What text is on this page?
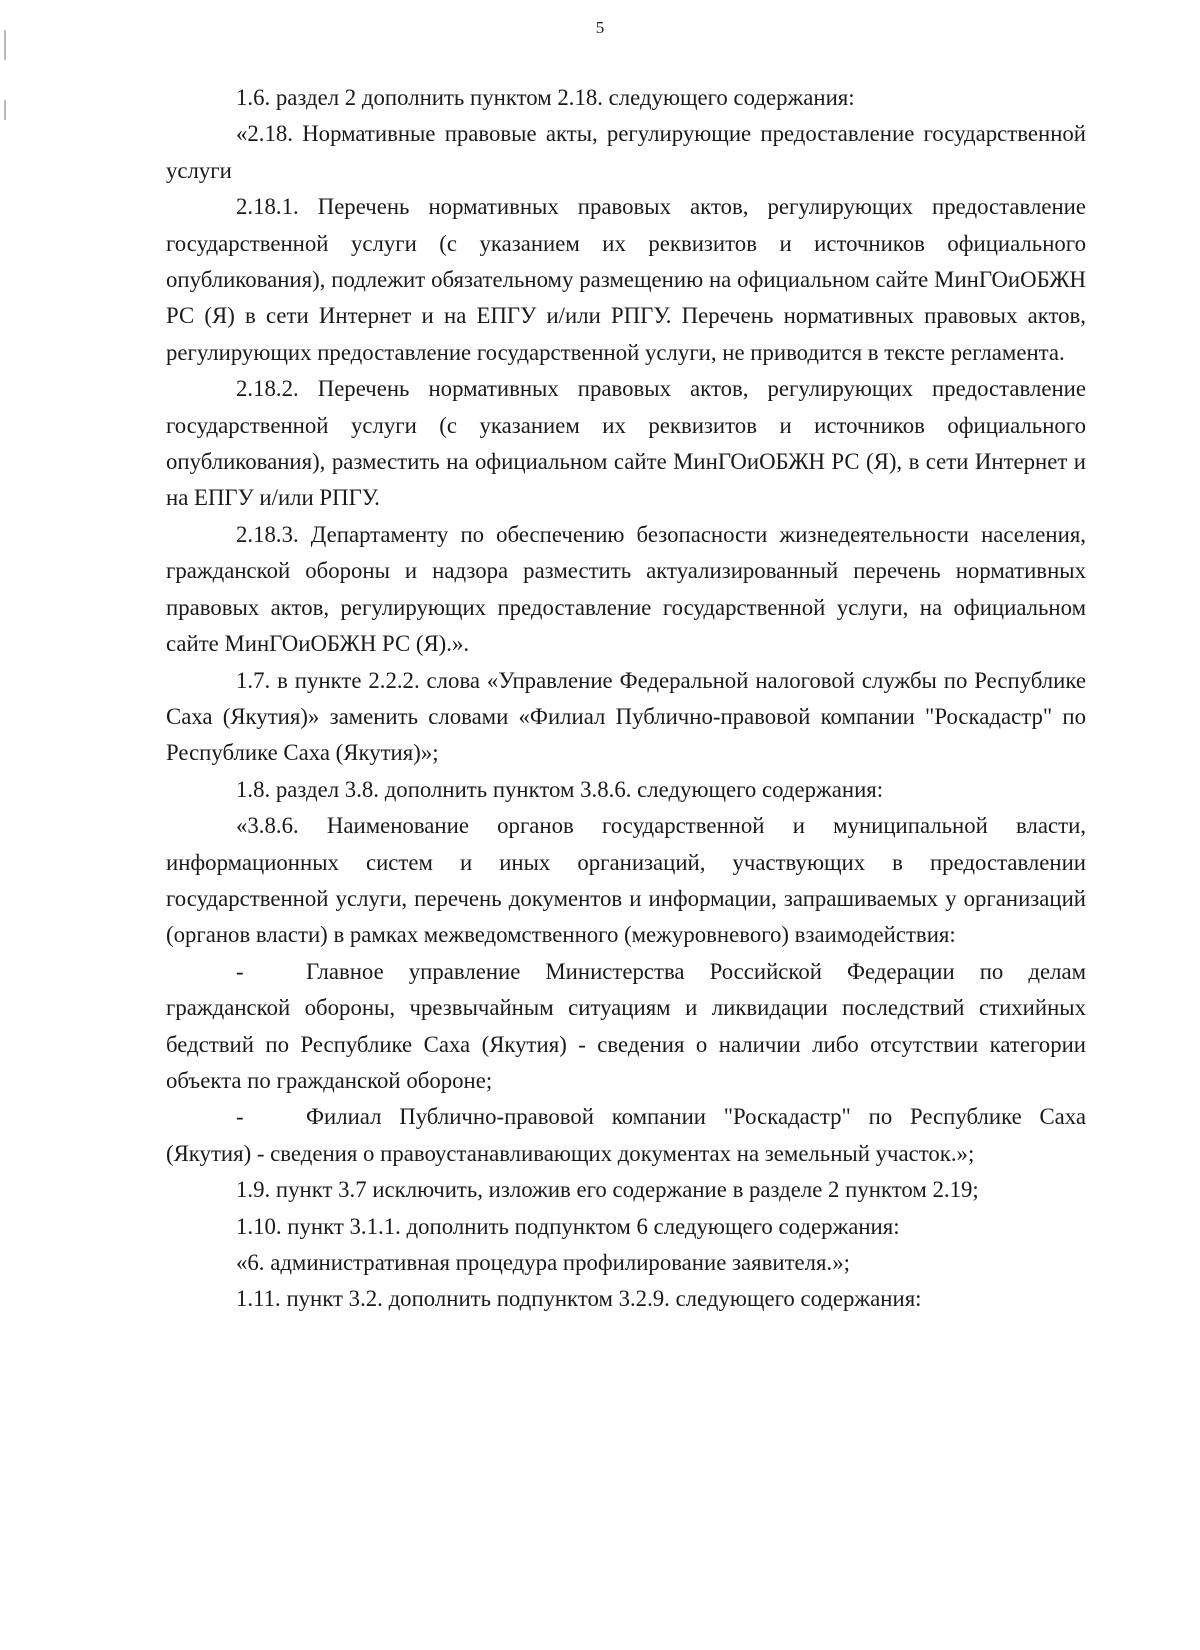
5

1.6. раздел 2 дополнить пунктом 2.18. следующего содержания:

«2.18. Нормативные правовые акты, регулирующие предоставление государственной услуги

2.18.1. Перечень нормативных правовых актов, регулирующих предоставление государственной услуги (с указанием их реквизитов и источников официального опубликования), подлежит обязательному размещению на официальном сайте МинГОиОБЖН РС (Я) в сети Интернет и на ЕПГУ и/или РПГУ. Перечень нормативных правовых актов, регулирующих предоставление государственной услуги, не приводится в тексте регламента.

2.18.2. Перечень нормативных правовых актов, регулирующих предоставление государственной услуги (с указанием их реквизитов и источников официального опубликования), разместить на официальном сайте МинГОиОБЖН РС (Я), в сети Интернет и на ЕПГУ и/или РПГУ.

2.18.3. Департаменту по обеспечению безопасности жизнедеятельности населения, гражданской обороны и надзора разместить актуализированный перечень нормативных правовых актов, регулирующих предоставление государственной услуги, на официальном сайте МинГОиОБЖН РС (Я).».

1.7. в пункте 2.2.2. слова «Управление Федеральной налоговой службы по Республике Саха (Якутия)» заменить словами «Филиал Публично-правовой компании "Роскадастр" по Республике Саха (Якутия)»;

1.8. раздел 3.8. дополнить пунктом 3.8.6. следующего содержания:

«3.8.6. Наименование органов государственной и муниципальной власти, информационных систем и иных организаций, участвующих в предоставлении государственной услуги, перечень документов и информации, запрашиваемых у организаций (органов власти) в рамках межведомственного (межуровневого) взаимодействия:

-	Главное управление Министерства Российской Федерации по делам гражданской обороны, чрезвычайным ситуациям и ликвидации последствий стихийных бедствий по Республике Саха (Якутия) - сведения о наличии либо отсутствии категории объекта по гражданской обороне;

-	Филиал Публично-правовой компании "Роскадастр" по Республике Саха (Якутия) - сведения о правоустанавливающих документах на земельный участок.»;

1.9. пункт 3.7 исключить, изложив его содержание в разделе 2 пунктом 2.19;

1.10. пункт 3.1.1. дополнить подпунктом 6 следующего содержания:

«6. административная процедура профилирование заявителя.»;

1.11. пункт 3.2. дополнить подпунктом 3.2.9. следующего содержания:
